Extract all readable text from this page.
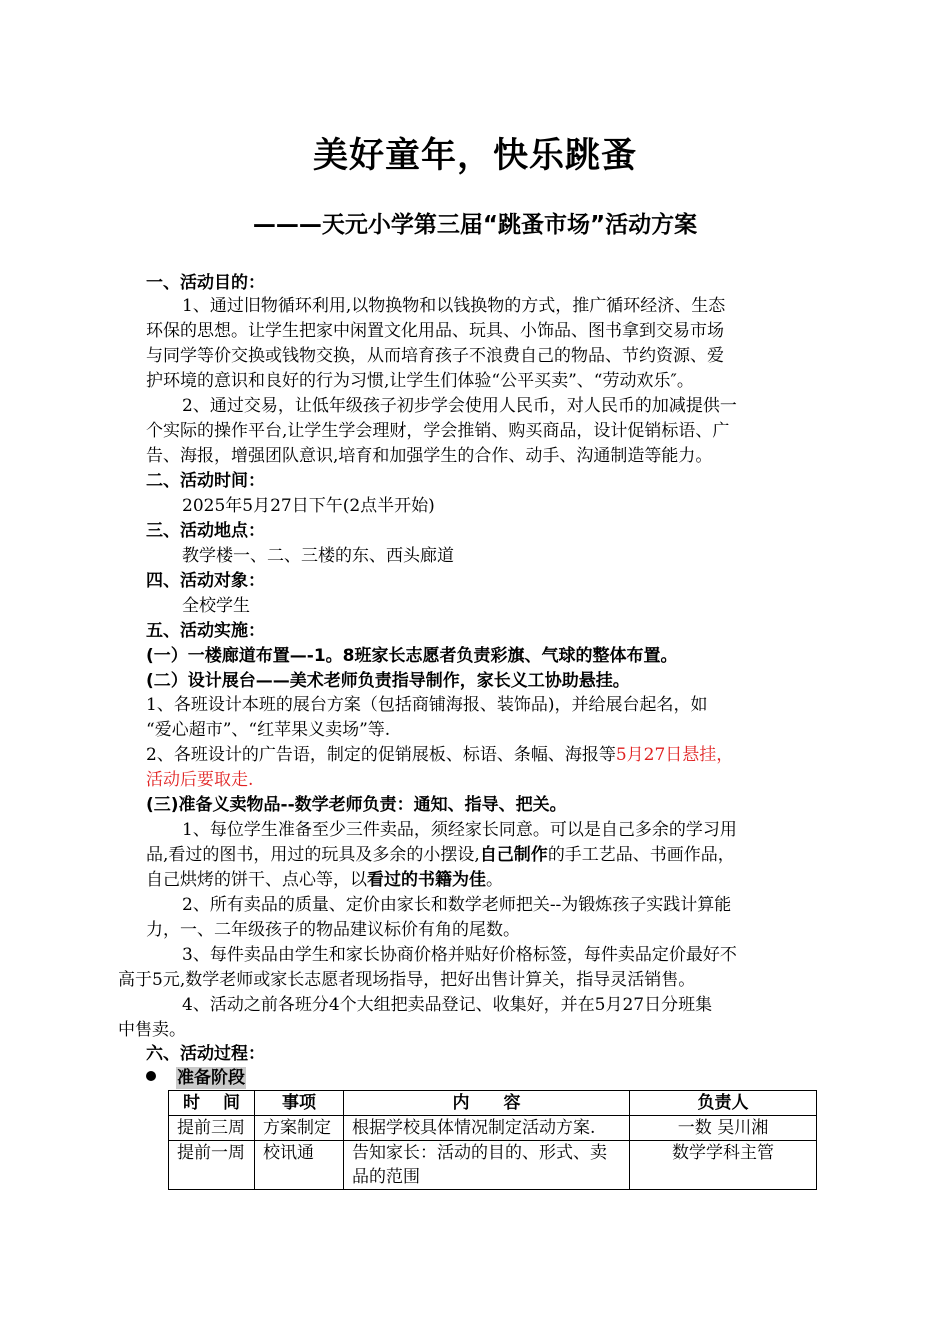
美好童年，快乐跳蚤
———天元小学第三届“跳蚤市场”活动方案
一、活动目的：
1、通过旧物循环利用,以物换物和以钱换物的方式，推广循环经济、生态
环保的思想。让学生把家中闲置文化用品、玩具、小饰品、图书拿到交易市场
与同学等价交换或钱物交换，从而培育孩子不浪费自己的物品、节约资源、爱
护环境的意识和良好的行为习惯,让学生们体验“公平买卖”、“劳动欢乐″。
2、通过交易，让低年级孩子初步学会使用人民币，对人民币的加减提供一
个实际的操作平台,让学生学会理财，学会推销、购买商品，设计促销标语、广
告、海报，增强团队意识,培育和加强学生的合作、动手、沟通制造等能力。
二、活动时间：
2025年5月27日下午(2点半开始)
三、活动地点：
教学楼一、二、三楼的东、西头廊道
四、活动对象：
全校学生
五、活动实施：
(一）一楼廊道布置—-1。8班家长志愿者负责彩旗、气球的整体布置。
(二）设计展台——美术老师负责指导制作，家长义工协助悬挂。
1、各班设计本班的展台方案（包括商铺海报、装饰品)，并给展台起名，如
“爱心超市”、“红苹果义卖场”等.
2、各班设计的广告语，制定的促销展板、标语、条幅、海报等5月27日悬挂，
活动后要取走.
(三)准备义卖物品--数学老师负责：通知、指导、把关。
1、每位学生准备至少三件卖品，须经家长同意。可以是自己多余的学习用
品,看过的图书，用过的玩具及多余的小摆设,自己制作的手工艺品、书画作品，
自己烘烤的饼干、点心等，以看过的书籍为佳。
2、所有卖品的质量、定价由家长和数学老师把关--为锻炼孩子实践计算能
力，一、二年级孩子的物品建议标价有角的尾数。
3、每件卖品由学生和家长协商价格并贴好价格标签，每件卖品定价最好不
高于5元,数学老师或家长志愿者现场指导，把好出售计算关，指导灵活销售。
4、活动之前各班分4个大组把卖品登记、收集好，并在5月27日分班集
中售卖。
六、活动过程：
准备阶段
时　 间	事项	内　　容	负责人
提前三周	方案制定	根据学校具体情况制定活动方案.	一数 吴川湘
提前一周	校讯通	告知家长：活动的目的、形式、卖品的范围	数学学科主管
